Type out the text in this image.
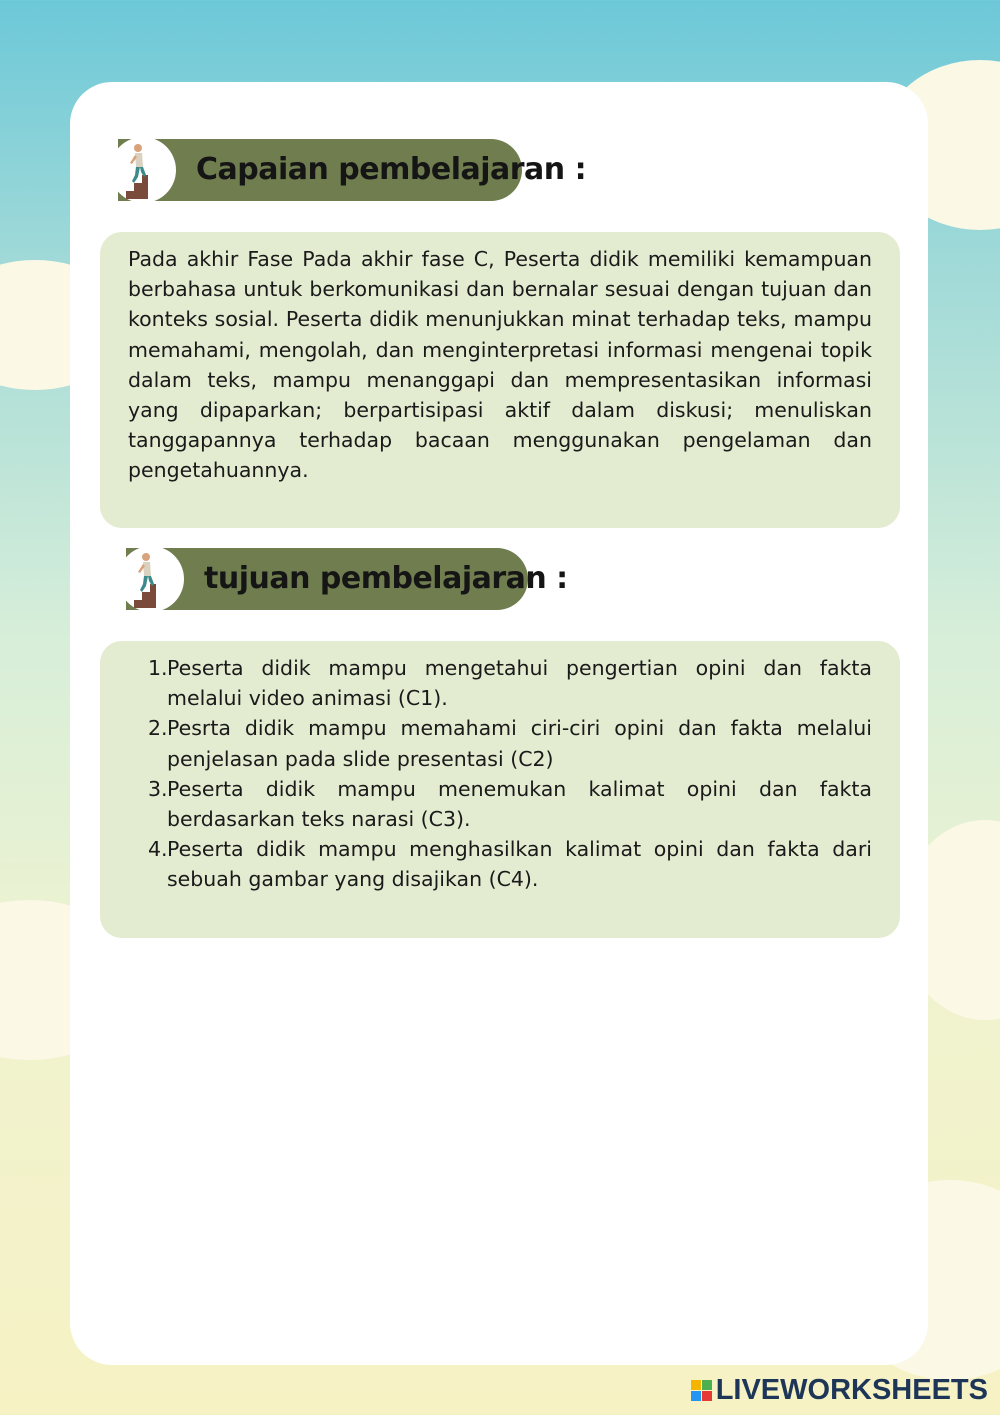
Capaian pembelajaran :

Pada akhir Fase Pada akhir fase C, Peserta didik memiliki kemampuan berbahasa untuk berkomunikasi dan bernalar sesuai dengan tujuan dan konteks sosial. Peserta didik menunjukkan minat terhadap teks, mampu memahami, mengolah, dan menginterpretasi informasi mengenai topik dalam teks, mampu menanggapi dan mempresentasikan informasi yang dipaparkan; berpartisipasi aktif dalam diskusi; menuliskan tanggapannya terhadap bacaan menggunakan pengelaman dan pengetahuannya.

tujuan pembelajaran :
1. Peserta didik mampu mengetahui pengertian opini dan fakta melalui video animasi (C1).
2. Pesrta didik mampu memahami ciri-ciri opini dan fakta melalui penjelasan pada slide presentasi (C2)
3. Peserta didik mampu menemukan kalimat opini dan fakta berdasarkan teks narasi (C3).
4. Peserta didik mampu menghasilkan kalimat opini dan fakta dari sebuah gambar yang disajikan (C4).
LIVEWORKSHEETS
